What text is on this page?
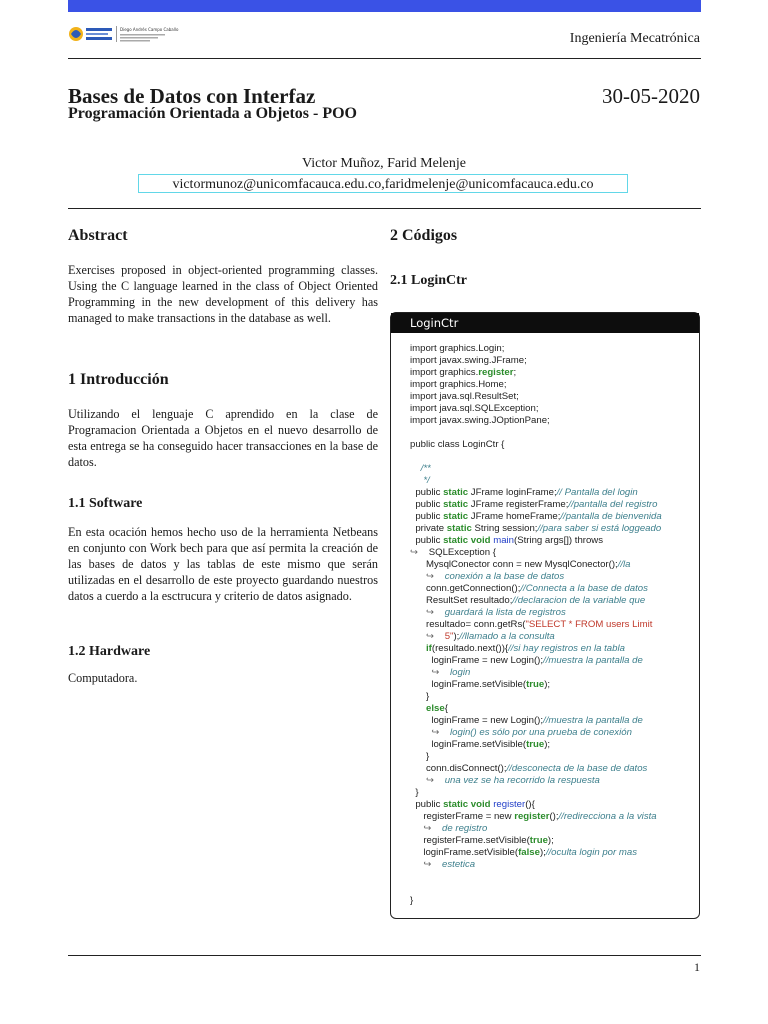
Diego Andrés Campo Caballo
Ingeniería Mecatrónica
Bases de Datos con Interfaz
Programación Orientada a Objetos - POO
30-05-2020
Victor Muñoz, Farid Melenje
victormunoz@unicomfacauca.edu.co,faridmelenje@unicomfacauca.edu.co
Abstract
Exercises proposed in object-oriented programming classes. Using the C language learned in the class of Object Oriented Programming in the new development of this delivery has managed to make transactions in the database as well.
1 Introducción
Utilizando el lenguaje C aprendido en la clase de Programacion Orientada a Objetos en el nuevo desarrollo de esta entrega se ha conseguido hacer transacciones en la base de datos.
1.1 Software
En esta ocación hemos hecho uso de la herramienta Netbeans en conjunto con Work bech para que así permita la creación de las bases de datos y las tablas de este mismo que serán utilizadas en el desarrollo de este proyecto guardando nuestros datos a cuerdo a la esctrucura y criterio de datos asignado.
1.2 Hardware
Computadora.
2 Códigos
2.1 LoginCtr
LoginCtr
import graphics.Login;
import javax.swing.JFrame;
import graphics.register;
import graphics.Home;
import java.sql.ResultSet;
import java.sql.SQLException;
import javax.swing.JOptionPane;
public class LoginCtr {
/**
*/
public static JFrame loginFrame;// Pantalla del login
public static JFrame registerFrame;//pantalla del registro
public static JFrame homeFrame;//pantalla de bienvenida
private static String session;//para saber si está loggeado
public static void main(String args[]) throws
↪    SQLException {
MysqlConector conn = new MysqlConector();//la
↪    conexión a la base de datos
conn.getConnection();//Connecta a la base de datos
ResultSet resultado;//declaracion de la variable que
↪    guardará la lista de registros
resultado= conn.getRs("SELECT * FROM users Limit
↪    5");//llamado a la consulta
if(resultado.next()){//si hay registros en la tabla
loginFrame = new Login();//muestra la pantalla de
↪    login
loginFrame.setVisible(true);
}
else{
loginFrame = new Login();//muestra la pantalla de
↪    login() es sólo por una prueba de conexión
loginFrame.setVisible(true);
}
conn.disConnect();//desconecta de la base de datos
↪    una vez se ha recorrido la respuesta
}
public static void register(){
registerFrame = new register();//redirecciona a la vista
↪    de registro
registerFrame.setVisible(true);
loginFrame.setVisible(false);//oculta login por mas
↪    estetica
}
1
